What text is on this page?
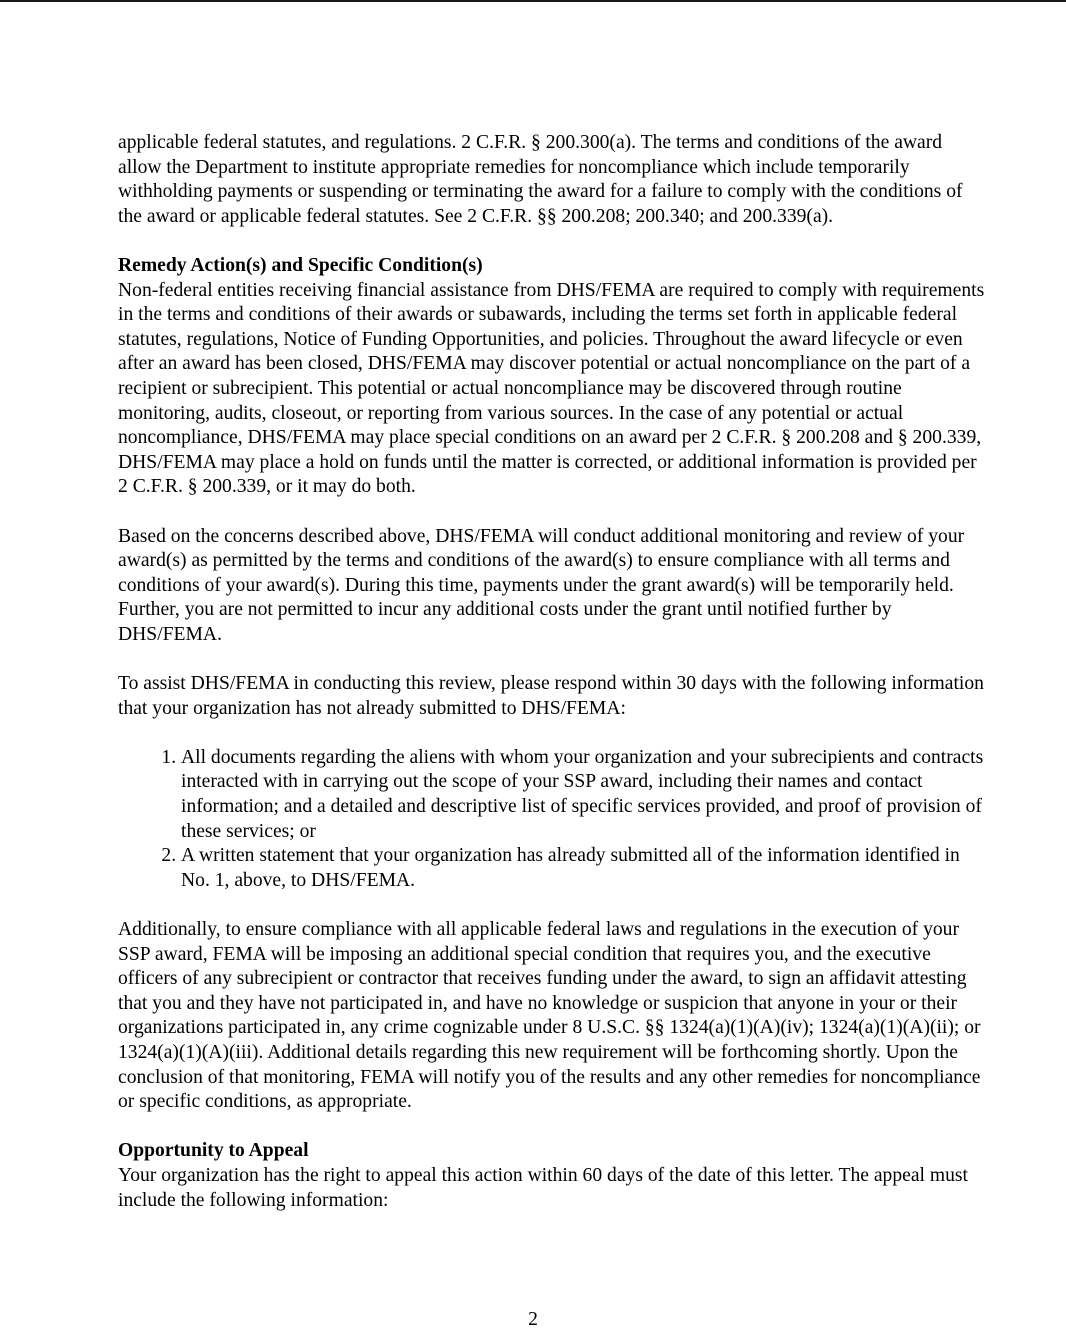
applicable federal statutes, and regulations. 2 C.F.R. § 200.300(a). The terms and conditions of the award allow the Department to institute appropriate remedies for noncompliance which include temporarily withholding payments or suspending or terminating the award for a failure to comply with the conditions of the award or applicable federal statutes. See 2 C.F.R. §§ 200.208; 200.340; and 200.339(a).

Remedy Action(s) and Specific Condition(s)

Non-federal entities receiving financial assistance from DHS/FEMA are required to comply with requirements in the terms and conditions of their awards or subawards, including the terms set forth in applicable federal statutes, regulations, Notice of Funding Opportunities, and policies. Throughout the award lifecycle or even after an award has been closed, DHS/FEMA may discover potential or actual noncompliance on the part of a recipient or subrecipient. This potential or actual noncompliance may be discovered through routine monitoring, audits, closeout, or reporting from various sources. In the case of any potential or actual noncompliance, DHS/FEMA may place special conditions on an award per 2 C.F.R. § 200.208 and § 200.339, DHS/FEMA may place a hold on funds until the matter is corrected, or additional information is provided per 2 C.F.R. § 200.339, or it may do both.

Based on the concerns described above, DHS/FEMA will conduct additional monitoring and review of your award(s) as permitted by the terms and conditions of the award(s) to ensure compliance with all terms and conditions of your award(s). During this time, payments under the grant award(s) will be temporarily held. Further, you are not permitted to incur any additional costs under the grant until notified further by DHS/FEMA.

To assist DHS/FEMA in conducting this review, please respond within 30 days with the following information that your organization has not already submitted to DHS/FEMA:

1. All documents regarding the aliens with whom your organization and your subrecipients and contracts interacted with in carrying out the scope of your SSP award, including their names and contact information; and a detailed and descriptive list of specific services provided, and proof of provision of these services; or
2. A written statement that your organization has already submitted all of the information identified in No. 1, above, to DHS/FEMA.

Additionally, to ensure compliance with all applicable federal laws and regulations in the execution of your SSP award, FEMA will be imposing an additional special condition that requires you, and the executive officers of any subrecipient or contractor that receives funding under the award, to sign an affidavit attesting that you and they have not participated in, and have no knowledge or suspicion that anyone in your or their organizations participated in, any crime cognizable under 8 U.S.C. §§ 1324(a)(1)(A)(iv); 1324(a)(1)(A)(ii); or 1324(a)(1)(A)(iii). Additional details regarding this new requirement will be forthcoming shortly. Upon the conclusion of that monitoring, FEMA will notify you of the results and any other remedies for noncompliance or specific conditions, as appropriate.

Opportunity to Appeal

Your organization has the right to appeal this action within 60 days of the date of this letter. The appeal must include the following information:

2
